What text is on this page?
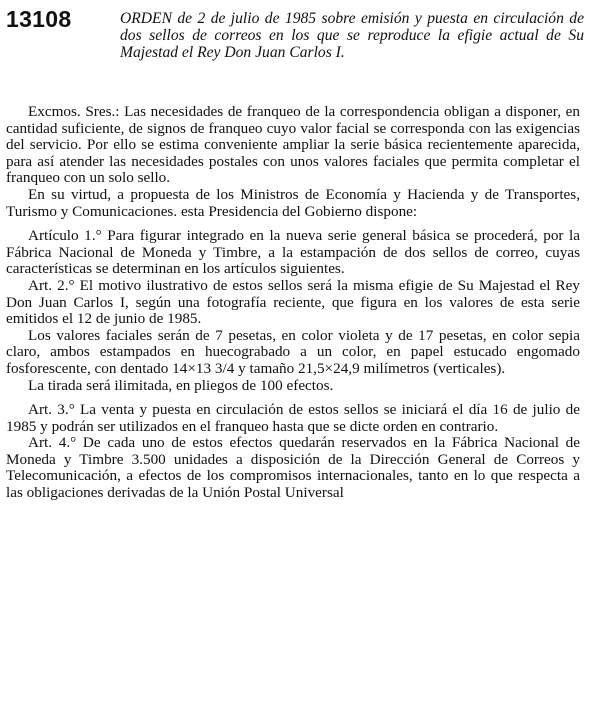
13108	ORDEN de 2 de julio de 1985 sobre emisión y puesta en circulación de dos sellos de correos en los que se reproduce la efigie actual de Su Majestad el Rey Don Juan Carlos I.

Excmos. Sres.: Las necesidades de franqueo de la correspondencia obligan a disponer, en cantidad suficiente, de signos de franqueo cuyo valor facial se corresponda con las exigencias del servicio. Por ello se estima conveniente ampliar la serie básica recientemente aparecida, para así atender las necesidades postales con unos valores faciales que permita completar el franqueo con un solo sello.

En su virtud, a propuesta de los Ministros de Economía y Hacienda y de Transportes, Turismo y Comunicaciones. esta Presidencia del Gobierno dispone:

Artículo 1.° Para figurar integrado en la nueva serie general básica se procederá, por la Fábrica Nacional de Moneda y Timbre, a la estampación de dos sellos de correo, cuyas características se determinan en los artículos siguientes.

Art. 2.° El motivo ilustrativo de estos sellos será la misma efigie de Su Majestad el Rey Don Juan Carlos I, según una fotografía reciente, que figura en los valores de esta serie emitidos el 12 de junio de 1985.

Los valores faciales serán de 7 pesetas, en color violeta y de 17 pesetas, en color sepia claro, ambos estampados en huecograbado a un color, en papel estucado engomado fosforescente, con dentado 14×13 3/4 y tamaño 21,5×24,9 milímetros (verticales).

La tirada será ilimitada, en pliegos de 100 efectos.

Art. 3.° La venta y puesta en circulación de estos sellos se iniciará el día 16 de julio de 1985 y podrán ser utilizados en el franqueo hasta que se dicte orden en contrario.

Art. 4.° De cada uno de estos efectos quedarán reservados en la Fábrica Nacional de Moneda y Timbre 3.500 unidades a disposición de la Dirección General de Correos y Telecomunicación, a efectos de los compromisos internacionales, tanto en lo que respecta a las obligaciones derivadas de la Unión Postal Universal
